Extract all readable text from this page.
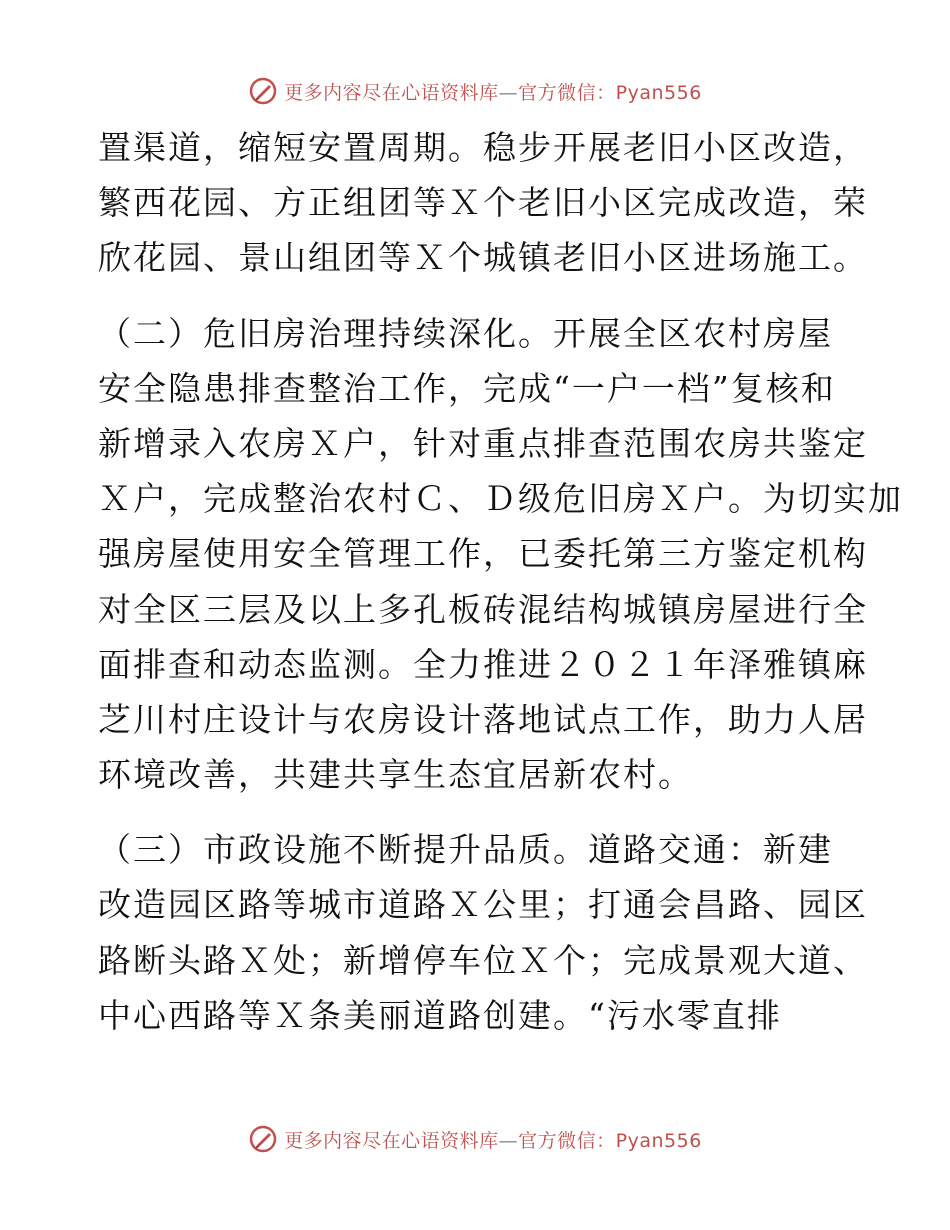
更多内容尽在心语资料库—官方微信：Pyan556
置渠道，缩短安置周期。稳步开展老旧小区改造，
繁西花园、方正组团等Ｘ个老旧小区完成改造，荣
欣花园、景山组团等Ｘ个城镇老旧小区进场施工。
（二）危旧房治理持续深化。开展全区农村房屋
安全隐患排查整治工作，完成“一户一档”复核和
新增录入农房Ｘ户，针对重点排查范围农房共鉴定
Ｘ户，完成整治农村Ｃ、Ｄ级危旧房Ｘ户。为切实加
强房屋使用安全管理工作，已委托第三方鉴定机构
对全区三层及以上多孔板砖混结构城镇房屋进行全
面排查和动态监测。全力推进２０２１年泽雅镇麻
芝川村庄设计与农房设计落地试点工作，助力人居
环境改善，共建共享生态宜居新农村。
（三）市政设施不断提升品质。道路交通：新建
改造园区路等城市道路Ｘ公里；打通会昌路、园区
路断头路Ｘ处；新增停车位Ｘ个；完成景观大道、
中心西路等Ｘ条美丽道路创建。“污水零直排
更多内容尽在心语资料库—官方微信：Pyan556
